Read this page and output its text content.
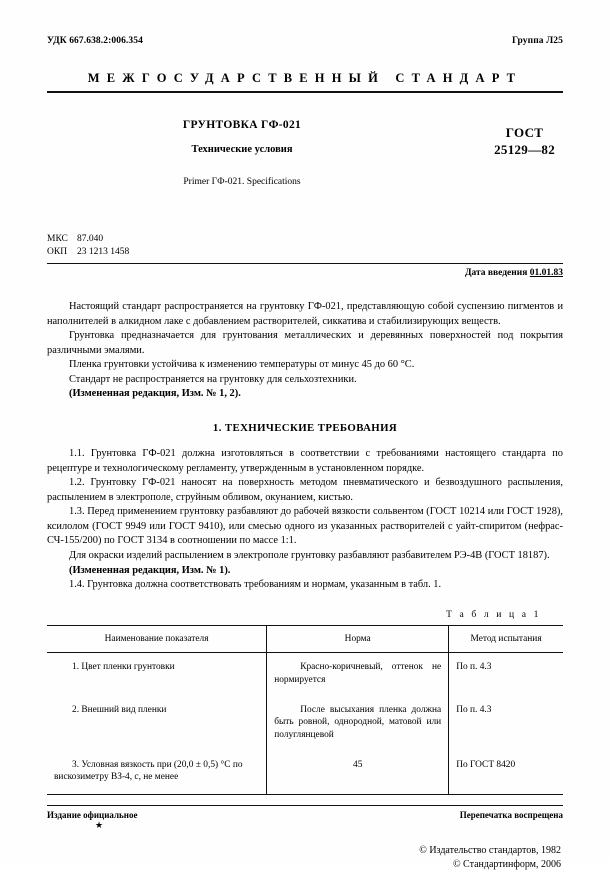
УДК 667.638.2:006.354	Группа Л25
МЕЖГОСУДАРСТВЕННЫЙ СТАНДАРТ
ГРУНТОВКА ГФ-021
Технические условия
Primer ГФ-021. Specifications
ГОСТ
25129—82
МКС 87.040
ОКП 23 1213 1458
Дата введения 01.01.83

Настоящий стандарт распространяется на грунтовку ГФ-021, представляющую собой суспензию пигментов и наполнителей в алкидном лаке с добавлением растворителей, сиккатива и стабилизирующих веществ.

Грунтовка предназначается для грунтования металлических и деревянных поверхностей под покрытия различными эмалями.

Пленка грунтовки устойчива к изменению температуры от минус 45 до 60 °С.

Стандарт не распространяется на грунтовку для сельхозтехники.

(Измененная редакция, Изм. № 1, 2).

1. ТЕХНИЧЕСКИЕ ТРЕБОВАНИЯ

1.1. Грунтовка ГФ-021 должна изготовляться в соответствии с требованиями настоящего стандарта по рецептуре и технологическому регламенту, утвержденным в установленном порядке.

1.2. Грунтовку ГФ-021 наносят на поверхность методом пневматического и безвоздушного распыления, распылением в электрополе, струйным обливом, окунанием, кистью.

1.3. Перед применением грунтовку разбавляют до рабочей вязкости сольвентом (ГОСТ 10214 или ГОСТ 1928), ксилолом (ГОСТ 9949 или ГОСТ 9410), или смесью одного из указанных растворителей с уайт-спиритом (нефрас-СЧ-155/200) по ГОСТ 3134 в соотношении по массе 1:1.

Для окраски изделий распылением в электрополе грунтовку разбавляют разбавителем РЭ-4В (ГОСТ 18187).

(Измененная редакция, Изм. № 1).

1.4. Грунтовка должна соответствовать требованиям и нормам, указанным в табл. 1.

Т а б л и ц а 1
Наименование показателя	Норма	Метод испытания

1. Цвет пленки грунтовки	Красно-коричневый, оттенок не нормируется	По п. 4.3

2. Внешний вид пленки	После высыхания пленка должна быть ровной, однородной, матовой или полуглянцевой	По п. 4.3

3. Условная вязкость при (20,0 ± 0,5) °С по вискозиметру ВЗ-4, с, не менее	45	По ГОСТ 8420
Издание официальное	Перепечатка воспрещена
★
© Издательство стандартов, 1982
© Стандартинформ, 2006
